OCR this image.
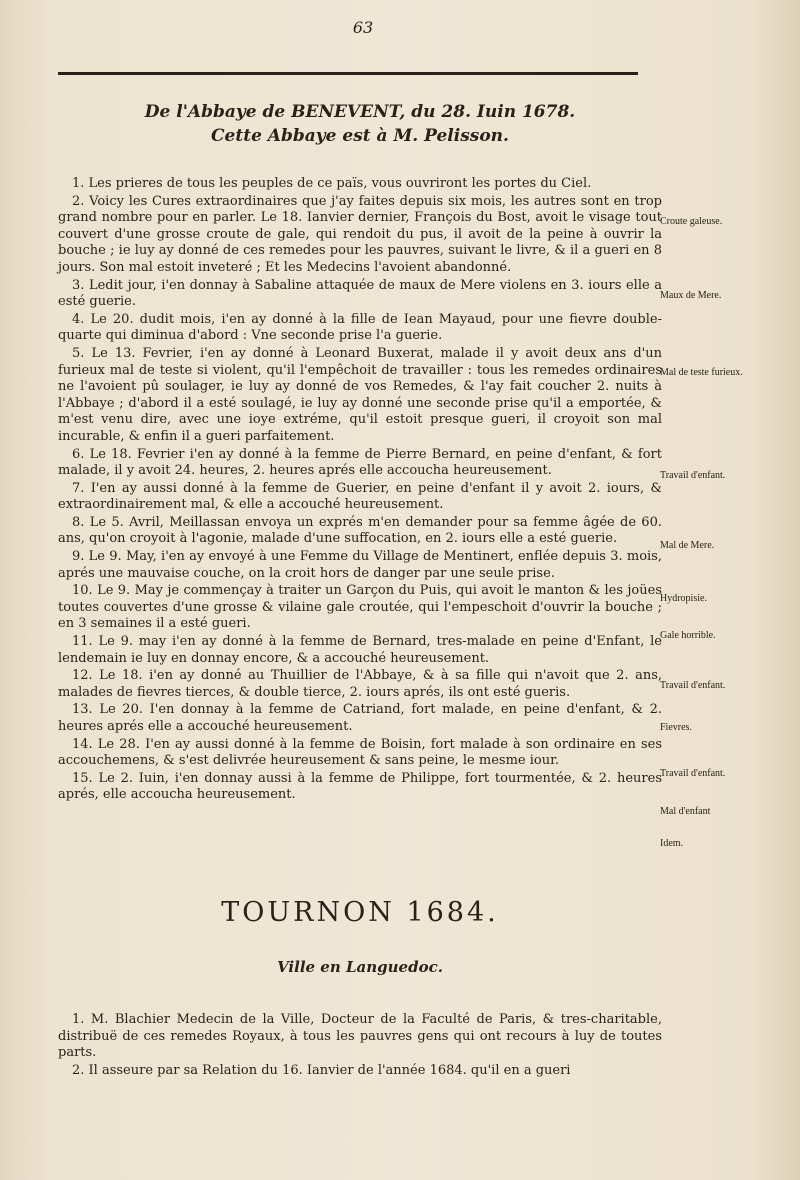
63
De l'Abbaye de BENEVENT, du 28. Iuin 1678.
Cette Abbaye est à M. Pelisson.

1. Les prieres de tous les peuples de ce païs, vous ouvriront les portes du Ciel.

2. Voicy les Cures extraordinaires que j'ay faites depuis six mois, les autres sont en trop grand nombre pour en parler. Le 18. Ianvier dernier, François du Bost, avoit le visage tout couvert d'une grosse croute de gale, qui rendoit du pus, il avoit de la peine à ouvrir la bouche ; ie luy ay donné de ces remedes pour les pauvres, suivant le livre, & il a gueri en 8 jours. Son mal estoit inveteré ; Et les Medecins l'avoient abandonné.

3. Ledit jour, i'en donnay à Sabaline attaquée de maux de Mere violens en 3. iours elle a esté guerie.

4. Le 20. dudit mois, i'en ay donné à la fille de Iean Mayaud, pour une fievre double-quarte qui diminua d'abord : Vne seconde prise l'a guerie.

5. Le 13. Fevrier, i'en ay donné à Leonard Buxerat, malade il y avoit deux ans d'un furieux mal de teste si violent, qu'il l'empêchoit de travailler : tous les remedes ordinaires ne l'avoient pû soulager, ie luy ay donné de vos Remedes, & l'ay fait coucher 2. nuits à l'Abbaye ; d'abord il a esté soulagé, ie luy ay donné une seconde prise qu'il a emportée, & m'est venu dire, avec une ioye extréme, qu'il estoit presque gueri, il croyoit son mal incurable, & enfin il a gueri parfaitement.

6. Le 18. Fevrier i'en ay donné à la femme de Pierre Bernard, en peine d'enfant, & fort malade, il y avoit 24. heures, 2. heures aprés elle accoucha heureusement.

7. I'en ay aussi donné à la femme de Guerier, en peine d'enfant il y avoit 2. iours, & extraordinairement mal, & elle a accouché heureusement.

8. Le 5. Avril, Meillassan envoya un exprés m'en demander pour sa femme âgée de 60. ans, qu'on croyoit à l'agonie, malade d'une suffocation, en 2. iours elle a esté guerie.

9. Le 9. May, i'en ay envoyé à une Femme du Village de Mentinert, enflée depuis 3. mois, aprés une mauvaise couche, on la croit hors de danger par une seule prise.

10. Le 9. May je commençay à traiter un Garçon du Puis, qui avoit le manton & les joües toutes couvertes d'une grosse & vilaine gale croutée, qui l'empeschoit d'ouvrir la bouche ; en 3 semaines il a esté gueri.

11. Le 9. may i'en ay donné à la femme de Bernard, tres-malade en peine d'Enfant, le lendemain ie luy en donnay encore, & a accouché heureusement.

12. Le 18. i'en ay donné au Thuillier de l'Abbaye, & à sa fille qui n'avoit que 2. ans, malades de fievres tierces, & double tierce, 2. iours aprés, ils ont esté gueris.

13. Le 20. I'en donnay à la femme de Catriand, fort malade, en peine d'enfant, & 2. heures aprés elle a accouché heureusement.

14. Le 28. I'en ay aussi donné à la femme de Boisin, fort malade à son ordinaire en ses accouchemens, & s'est delivrée heureusement & sans peine, le mesme iour.

15. Le 2. Iuin, i'en donnay aussi à la femme de Philippe, fort tourmentée, & 2. heures aprés, elle accoucha heureusement.

Croute galeuse.
Maux de Mere.
Mal de teste furieux.
Travail d'enfant.
Mal de Mere.
Hydropisie.
Gale horrible.
Travail d'enfant.
Fievres.
Travail d'enfant.
Mal d'enfant
Idem.
TOURNON 1684.
Ville en Languedoc.

1. M. Blachier Medecin de la Ville, Docteur de la Faculté de Paris, & tres-charitable, distribuë de ces remedes Royaux, à tous les pauvres gens qui ont recours à luy de toutes parts.

2. Il asseure par sa Relation du 16. Ianvier de l'année 1684. qu'il en a gueri
